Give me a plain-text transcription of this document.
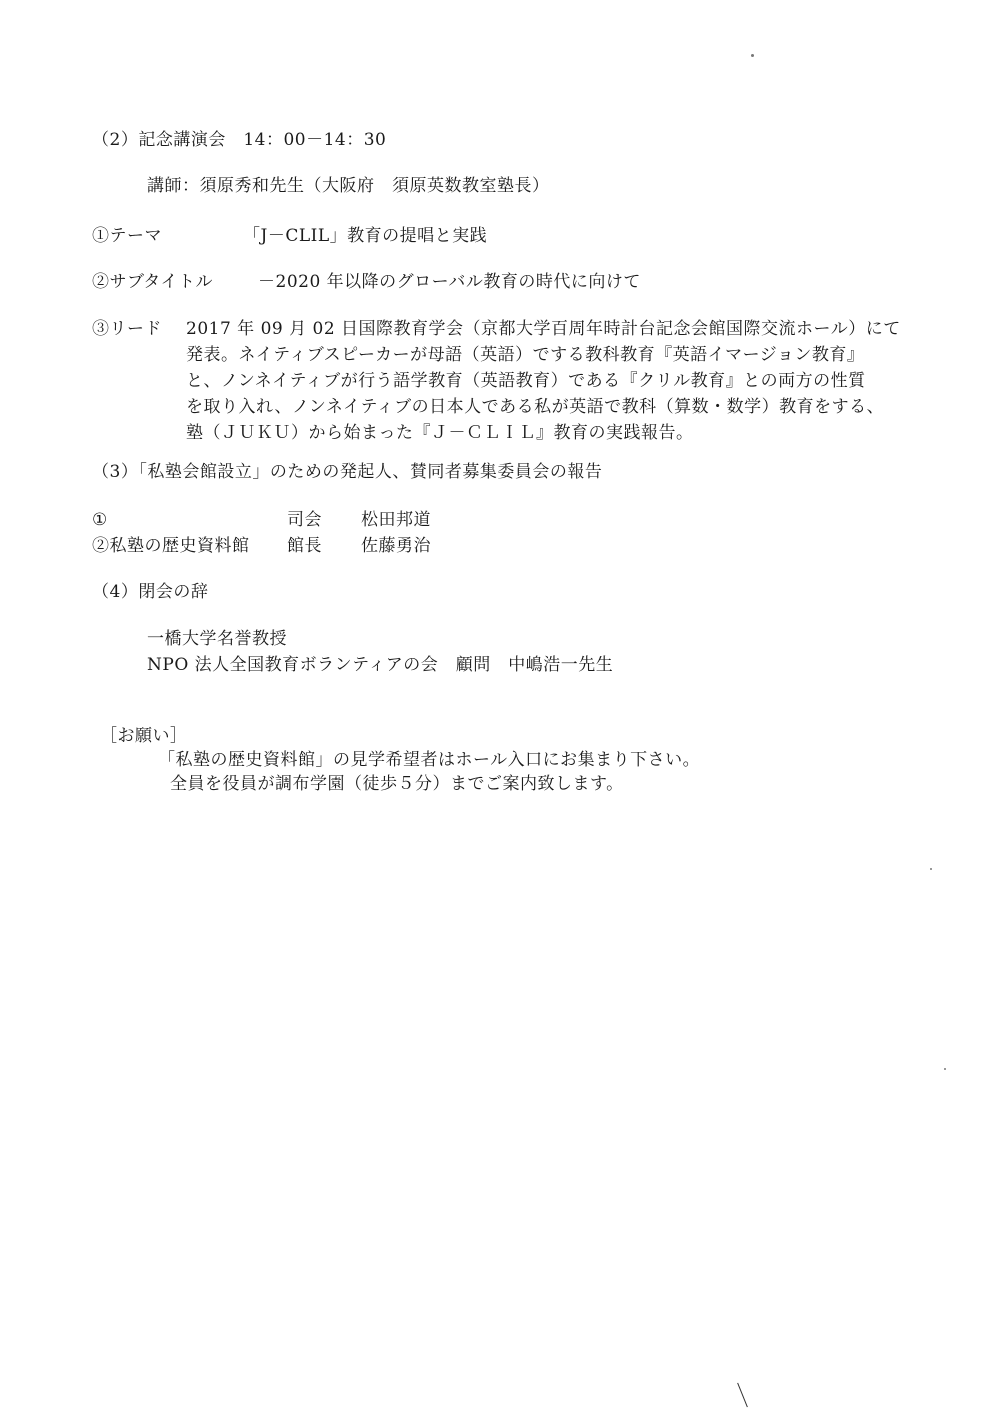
（2）記念講演会　14：00－14：30
講師：須原秀和先生（大阪府　須原英数教室塾長）
①テーマ	「J－CLIL」教育の提唱と実践
②サブタイトル	－2020 年以降のグローバル教育の時代に向けて
③リード 2017 年 09 月 02 日国際教育学会（京都大学百周年時計台記念会館国際交流ホール）にて
発表。ネイティブスピーカーが母語（英語）でする教科教育『英語イマージョン教育』
と、ノンネイティブが行う語学教育（英語教育）である『クリル教育』との両方の性質
を取り入れ、ノンネイティブの日本人である私が英語で教科（算数・数学）教育をする、
塾（ＪＵＫＵ）から始まった『Ｊ－ＣＬＩＬ』教育の実践報告。
（3）「私塾会館設立」のための発起人、賛同者募集委員会の報告
①	司会 松田邦道
②私塾の歴史資料館 館長 佐藤勇治
（4）閉会の辞
一橋大学名誉教授
NPO 法人全国教育ボランティアの会　顧問　中嶋浩一先生
［お願い］
「私塾の歴史資料館」の見学希望者はホール入口にお集まり下さい。
全員を役員が調布学園（徒歩５分）までご案内致します。
